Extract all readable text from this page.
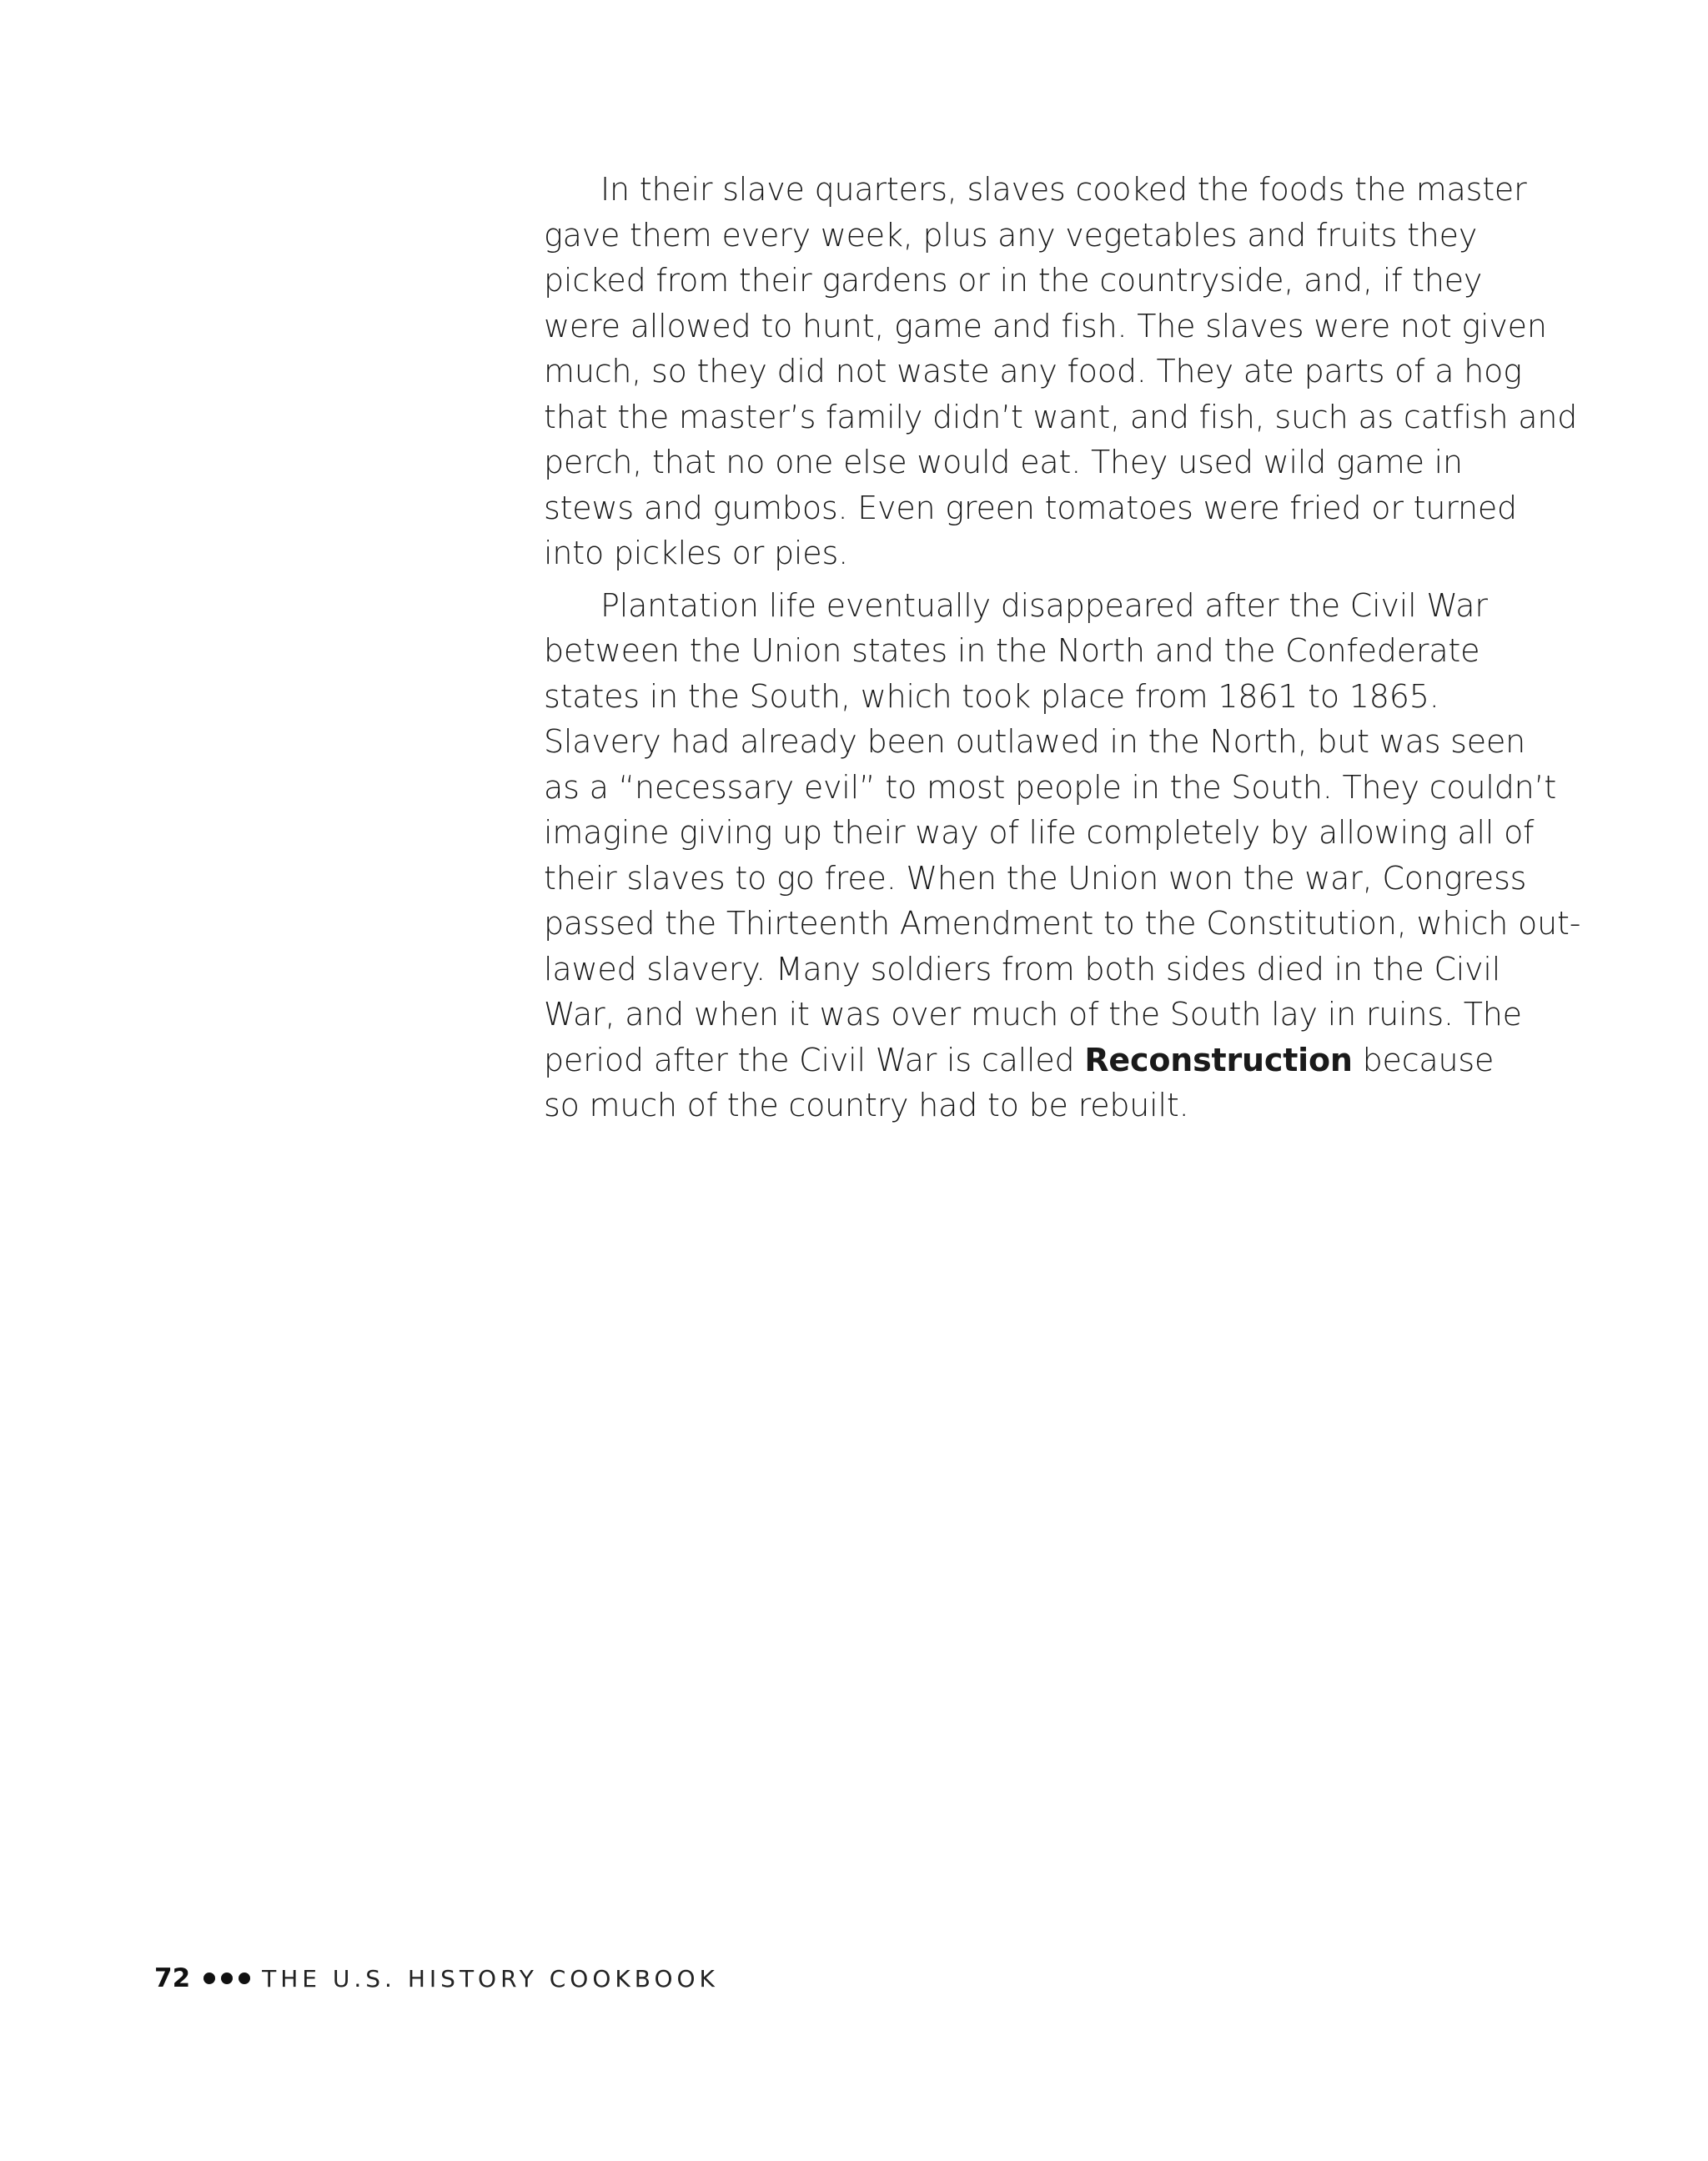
In their slave quarters, slaves cooked the foods the master
gave them every week, plus any vegetables and fruits they
picked from their gardens or in the countryside, and, if they
were allowed to hunt, game and fish. The slaves were not given
much, so they did not waste any food. They ate parts of a hog
that the master’s family didn’t want, and fish, such as catfish and
perch, that no one else would eat. They used wild game in
stews and gumbos. Even green tomatoes were fried or turned
into pickles or pies.
Plantation life eventually disappeared after the Civil War
between the Union states in the North and the Confederate
states in the South, which took place from 1861 to 1865.
Slavery had already been outlawed in the North, but was seen
as a “necessary evil” to most people in the South. They couldn’t
imagine giving up their way of life completely by allowing all of
their slaves to go free. When the Union won the war, Congress
passed the Thirteenth Amendment to the Constitution, which out-
lawed slavery. Many soldiers from both sides died in the Civil
War, and when it was over much of the South lay in ruins. The
period after the Civil War is called Reconstruction because
so much of the country had to be rebuilt.
72	THE U.S. HISTORY COOKBOOK
